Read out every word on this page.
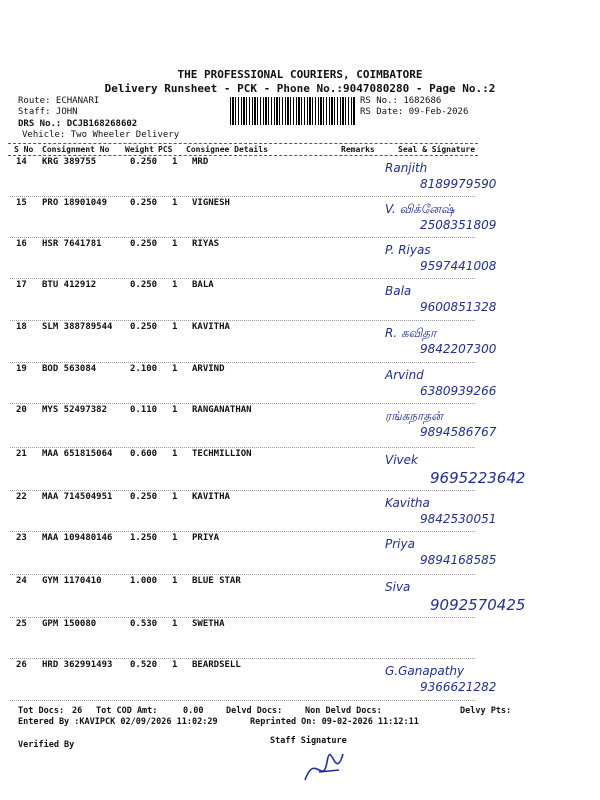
THE PROFESSIONAL COURIERS, COIMBATORE
Delivery Runsheet - PCK - Phone No.:9047080280 - Page No.:2
Route: ECHANARI
Staff: JOHN
DRS No.: DCJB168268602
Vehicle: Two Wheeler Delivery
RS No.: 1682686
RS Date: 09-Feb-2026
S No Consignment No Weight PCS Consignee Details	Remarks	Seal & Signature
14 KRG 389755	0.250 1 MRD	Ranjith
8189979590
15 PRO 18901049	0.250 1 VIGNESH	V. விக்னேஷ்
2508351809
16 HSR 7641781	0.250 1 RIYAS	P. Riyas
9597441008
17 BTU 412912	0.250 1 BALA	Bala
9600851328
18 SLM 388789544 0.250 1 KAVITHA	R. கவிதா
9842207300
19 BOD 563084	2.100 1 ARVIND	Arvind
6380939266
20 MYS 52497382	0.110 1 RANGANATHAN	ரங்கநாதன்
9894586767
21 MAA 651815064 0.600 1 TECHMILLION	Vivek
9695223642
22 MAA 714504951 0.250 1 KAVITHA	Kavitha
9842530051
23 MAA 109480146 1.250 1 PRIYA	Priya
9894168585
24 GYM 1170410	1.000 1 BLUE STAR	Siva
9092570425
25 GPM 150080	0.530 1 SWETHA
26 HRD 362991493 0.520 1 BEARDSELL	G.Ganapathy
9366621282
Tot Docs: 26 Tot COD Amt:	0.00	Delvd Docs:	Non Delvd Docs:	Delvy Pts:
Entered By :KAVIPCK 02/09/2026 11:02:29	Reprinted On: 09-02-2026 11:12:11
Verified By	Staff Signature
